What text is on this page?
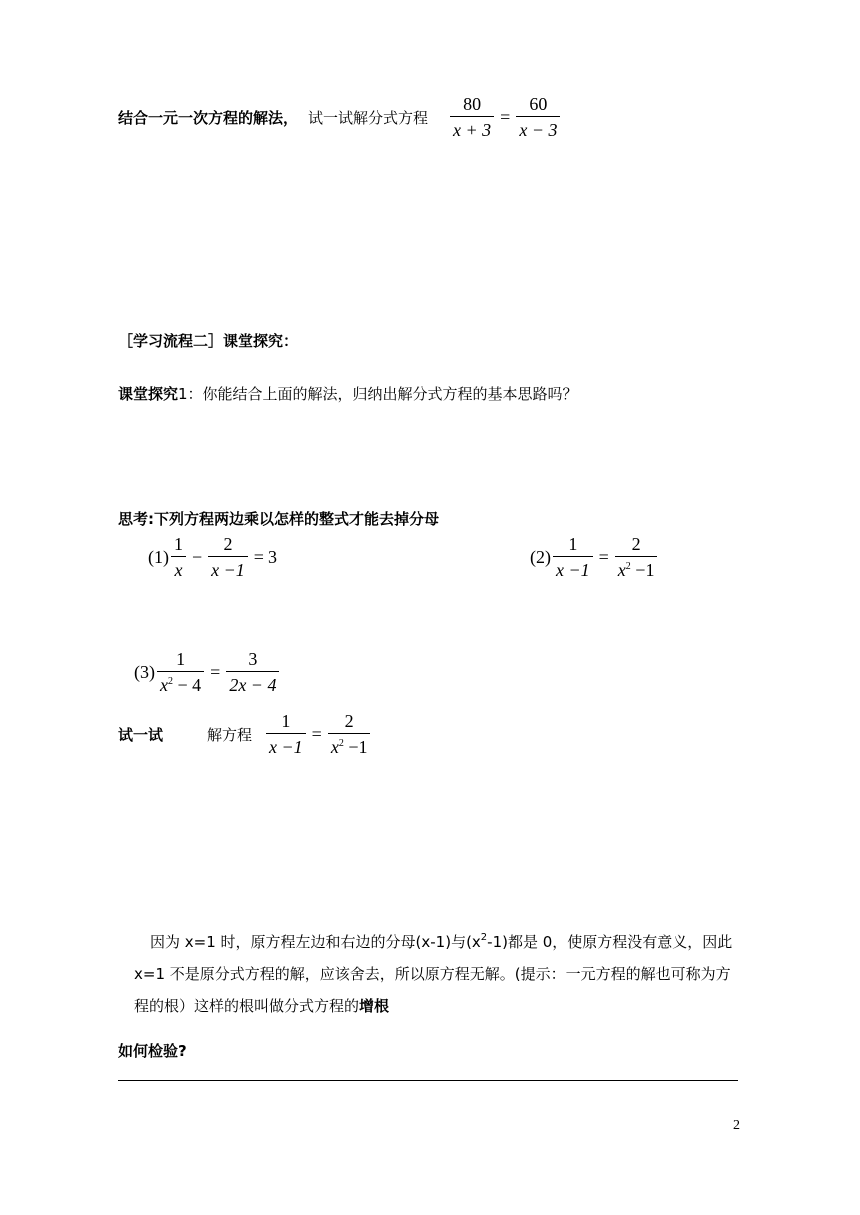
结合一元一次方程的解法， 试一试解分式方程 $\frac{80}{x + 3} = \frac{60}{x - 3}$
［学习流程二］课堂探究：
课堂探究1：你能结合上面的解法，归纳出解分式方程的基本思路吗？
思考:下列方程两边乘以怎样的整式才能去掉分母
$(1) \frac{1}{x} - \frac{2}{x -1} = 3$	$(2) \frac{1}{x -1} = \frac{2}{x^2 -1}$
$(3) \frac{1}{x^2 - 4} = \frac{3}{2x - 4}$
试一试	解方程 $\frac{1}{x -1} = \frac{2}{x^2 -1}$
因为 x=1 时，原方程左边和右边的分母(x-1)与$(x^2-1)$都是 0，使原方程没有意义，因此 x=1 不是原分式方程的解，应该舍去，所以原方程无解。(提示：一元方程的解也可称为方程的根）这样的根叫做分式方程的增根
如何检验?
2
